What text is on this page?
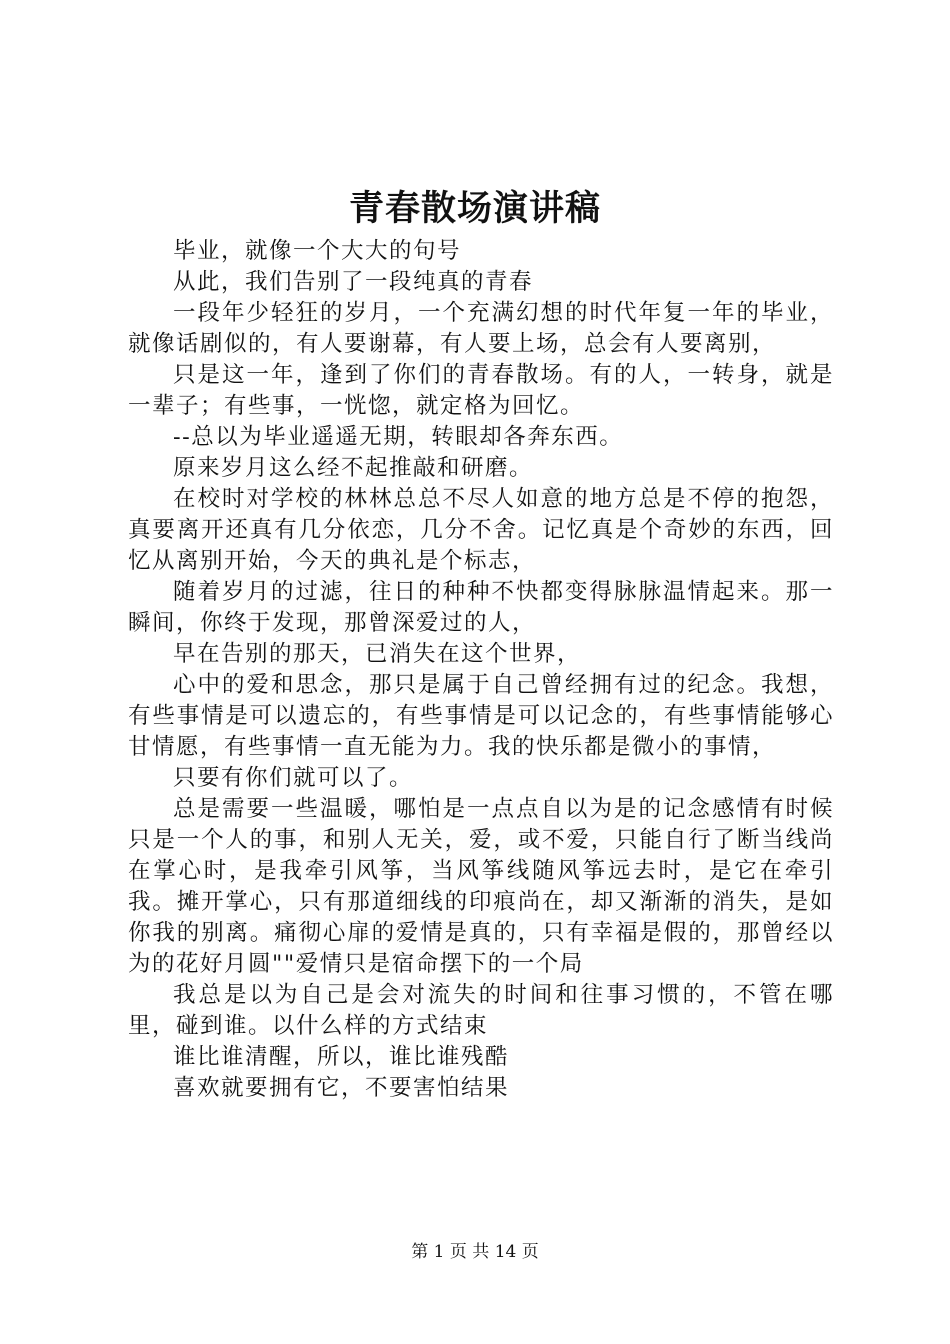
青春散场演讲稿

毕业，就像一个大大的句号

从此，我们告别了一段纯真的青春

一段年少轻狂的岁月，一个充满幻想的时代年复一年的毕业，就像话剧似的，有人要谢幕，有人要上场，总会有人要离别，

只是这一年，逢到了你们的青春散场。有的人，一转身，就是一辈子；有些事，一恍惚，就定格为回忆。

--总以为毕业遥遥无期，转眼却各奔东西。

原来岁月这么经不起推敲和研磨。

在校时对学校的林林总总不尽人如意的地方总是不停的抱怨，真要离开还真有几分依恋，几分不舍。记忆真是个奇妙的东西，回忆从离别开始，今天的典礼是个标志，

随着岁月的过滤，往日的种种不快都变得脉脉温情起来。那一瞬间，你终于发现，那曾深爱过的人，

早在告别的那天，已消失在这个世界，

心中的爱和思念，那只是属于自己曾经拥有过的纪念。我想，有些事情是可以遗忘的，有些事情是可以记念的，有些事情能够心甘情愿，有些事情一直无能为力。我的快乐都是微小的事情，

只要有你们就可以了。

总是需要一些温暖，哪怕是一点点自以为是的记念感情有时候只是一个人的事，和别人无关，爱，或不爱，只能自行了断当线尚在掌心时，是我牵引风筝，当风筝线随风筝远去时，是它在牵引我。摊开掌心，只有那道细线的印痕尚在，却又渐渐的消失，是如你我的别离。痛彻心扉的爱情是真的，只有幸福是假的，那曾经以为的花好月圆""爱情只是宿命摆下的一个局

我总是以为自己是会对流失的时间和往事习惯的，不管在哪里，碰到谁。以什么样的方式结束

谁比谁清醒，所以，谁比谁残酷

喜欢就要拥有它，不要害怕结果

第 1 页 共 14 页
